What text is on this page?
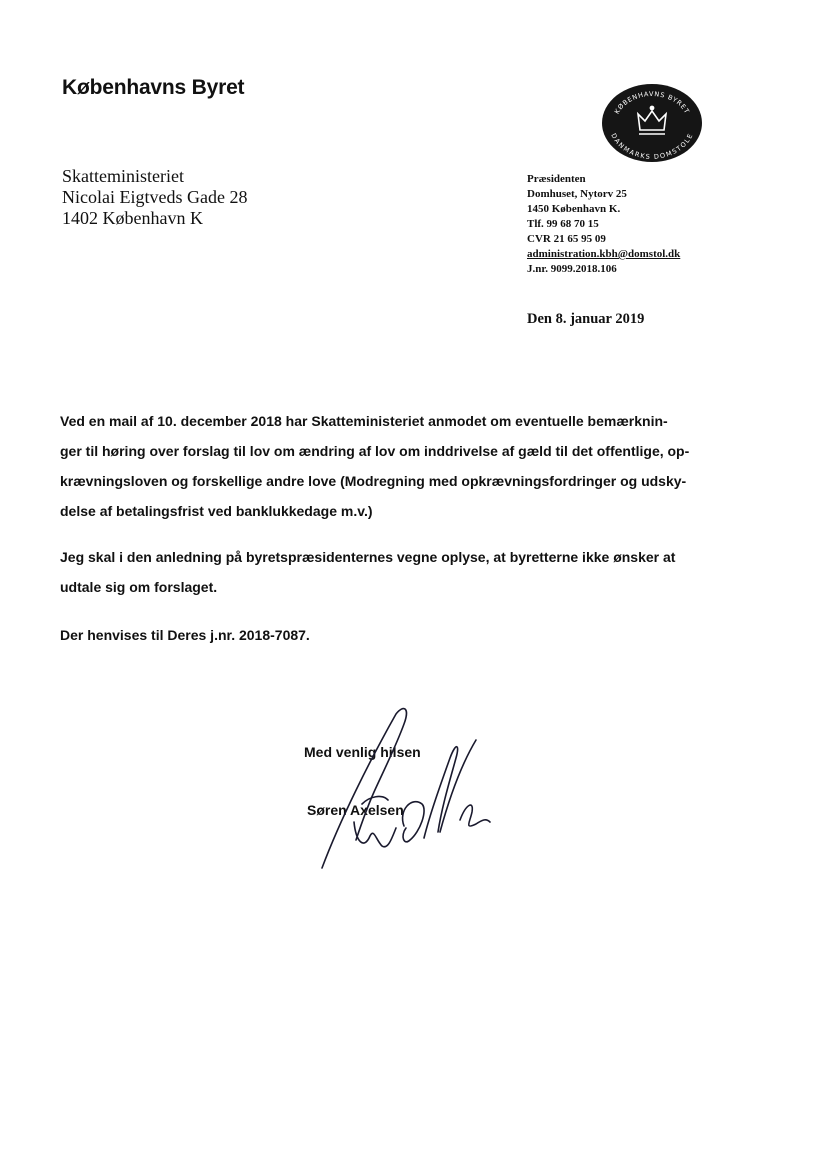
Københavns Byret
KØBENHAVNS BYRET
DANMARKS DOMSTOLE
Skatteministeriet
Nicolai Eigtveds Gade 28
1402 København K
Præsidenten
Domhuset, Nytorv 25
1450 København K.
Tlf. 99 68 70 15
CVR 21 65 95 09
administration.kbh@domstol.dk
J.nr. 9099.2018.106
Den 8. januar 2019
Ved en mail af 10. december 2018 har Skatteministeriet anmodet om eventuelle bemærknin-
ger til høring over forslag til lov om ændring af lov om inddrivelse af gæld til det offentlige, op-
krævningsloven og forskellige andre love (Modregning med opkrævningsfordringer og udsky-
delse af betalingsfrist ved banklukkedage m.v.)
Jeg skal i den anledning på byretspræsidenternes vegne oplyse, at byretterne ikke ønsker at
udtale sig om forslaget.
Der henvises til Deres j.nr. 2018-7087.
Med venlig hilsen
Søren Axelsen
